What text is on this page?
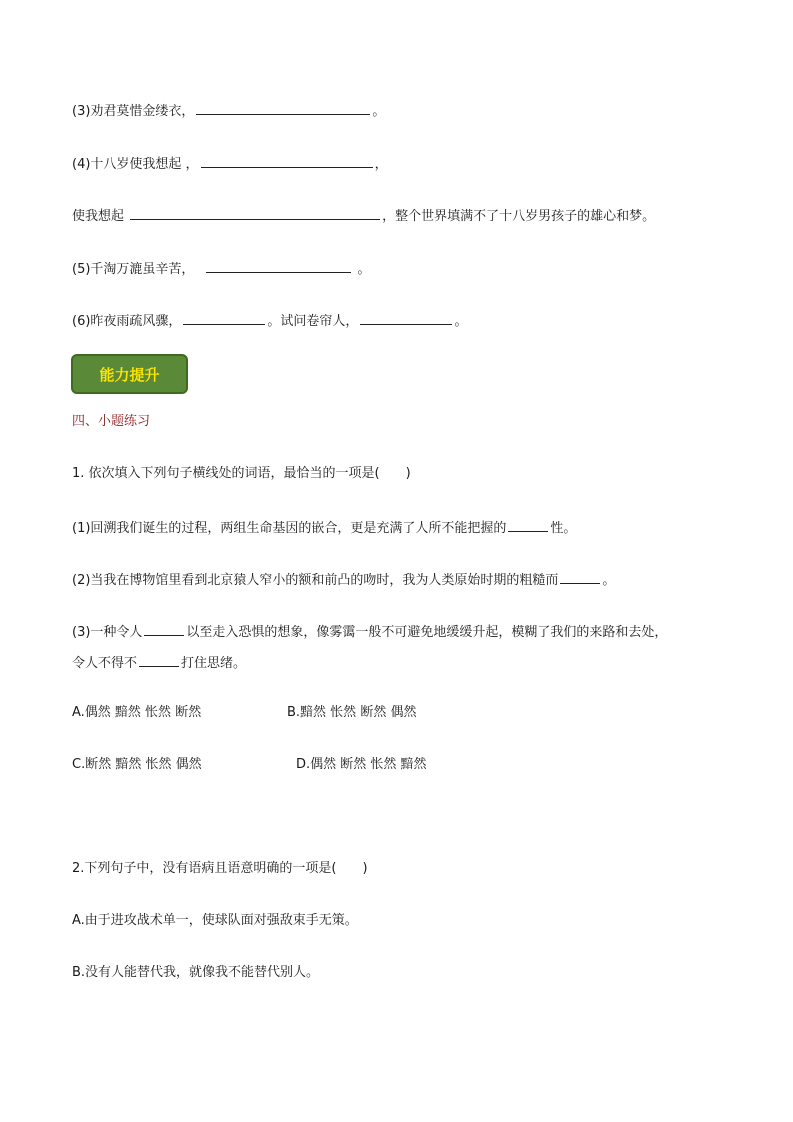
(3)劝君莫惜金缕衣，	。
(4)十八岁使我想起 ，	，
使我想起	，整个世界填满不了十八岁男孩子的雄心和梦。
(5)千淘万漉虽辛苦，	。
(6)昨夜雨疏风骤，	。试问卷帘人，	。
能力提升
四、小题练习
1. 依次填入下列句子横线处的词语，最恰当的一项是(　　)
(1)回溯我们诞生的过程，两组生命基因的嵌合，更是充满了人所不能把握的	性。
(2)当我在博物馆里看到北京猿人窄小的额和前凸的吻时，我为人类原始时期的粗糙而	。
(3)一种令人	以至走入恐惧的想象，像雾霭一般不可避免地缓缓升起，模糊了我们的来路和去处，
令人不得不	打住思绪。
A.偶然 黯然 怅然 断然	B.黯然 怅然 断然 偶然
C.断然 黯然 怅然 偶然	D.偶然 断然 怅然 黯然
2.下列句子中，没有语病且语意明确的一项是(　　)
A.由于进攻战术单一，使球队面对强敌束手无策。
B.没有人能替代我，就像我不能替代别人。
